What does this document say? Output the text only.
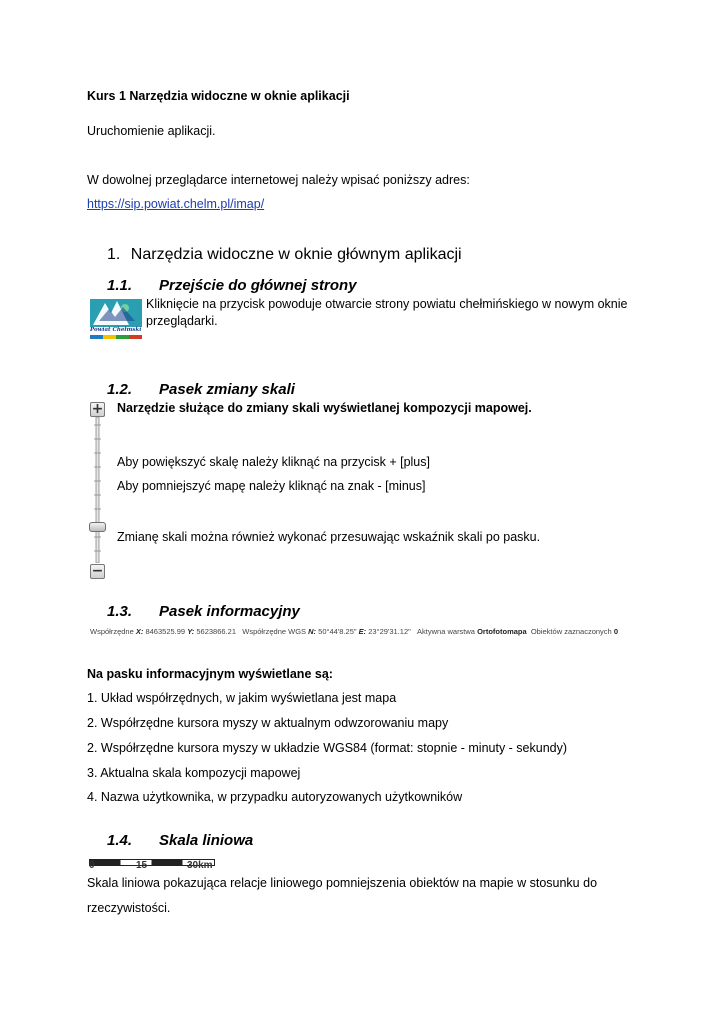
Kurs 1 Narzędzia widoczne w oknie aplikacji
Uruchomienie aplikacji.
W dowolnej przeglądarce internetowej należy wpisać poniższy adres:
https://sip.powiat.chelm.pl/imap/
1. Narzędzia widoczne w oknie głównym aplikacji
1.1. Przejście do głównej strony
Powiat Chełmski
Kliknięcie na przycisk powoduje otwarcie strony powiatu chełmińskiego w nowym oknie przeglądarki.
1.2. Pasek zmiany skali
+
−
Narzędzie służące do zmiany skali wyświetlanej kompozycji mapowej.
Aby powiększyć skalę należy kliknąć na przycisk + [plus]
Aby pomniejszyć mapę należy kliknąć na znak - [minus]
Zmianę skali można również wykonać przesuwając wskaźnik skali po pasku.
1.3. Pasek informacyjny
Współrzędne X: 8463525.99 Y: 5623866.21 Współrzędne WGS N: 50°44'8.25" E: 23°29'31.12" Aktywna warstwa Ortofotomapa Obiektów zaznaczonych 0
Na pasku informacyjnym wyświetlane są:
1. Układ współrzędnych, w jakim wyświetlana jest mapa
2. Współrzędne kursora myszy w aktualnym odwzorowaniu mapy
2. Współrzędne kursora myszy w układzie WGS84 (format: stopnie - minuty - sekundy)
3. Aktualna skala kompozycji mapowej
4. Nazwa użytkownika, w przypadku autoryzowanych użytkowników
1.4. Skala liniowa
0	15	30km
Skala liniowa pokazująca relacje liniowego pomniejszenia obiektów na mapie w stosunku do
rzeczywistości.
